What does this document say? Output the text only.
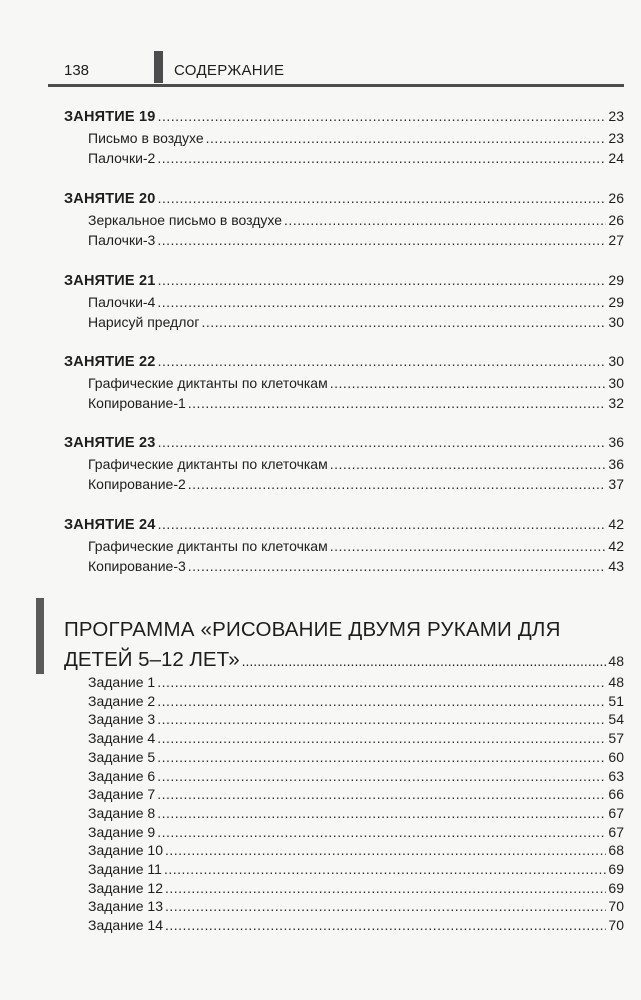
138	СОДЕРЖАНИЕ
ЗАНЯТИЕ 19 .....	23
Письмо в воздухе .....	23
Палочки-2 .....	24
ЗАНЯТИЕ 20 .....	26
Зеркальное письмо в воздухе .....	26
Палочки-3 .....	27
ЗАНЯТИЕ 21 .....	29
Палочки-4 .....	29
Нарисуй предлог .....	30
ЗАНЯТИЕ 22 .....	30
Графические диктанты по клеточкам .....	30
Копирование-1 .....	32
ЗАНЯТИЕ 23 .....	36
Графические диктанты по клеточкам .....	36
Копирование-2 .....	37
ЗАНЯТИЕ 24 .....	42
Графические диктанты по клеточкам .....	42
Копирование-3 .....	43
ПРОГРАММА «РИСОВАНИЕ ДВУМЯ РУКАМИ ДЛЯ
ДЕТЕЙ 5–12 ЛЕТ» .....	48
Задание 1 .....	48
Задание 2 .....	51
Задание 3 .....	54
Задание 4 .....	57
Задание 5 .....	60
Задание 6 .....	63
Задание 7 .....	66
Задание 8 .....	67
Задание 9 .....	67
Задание 10 .....	68
Задание 11 .....	69
Задание 12 .....	69
Задание 13 .....	70
Задание 14 .....	70
